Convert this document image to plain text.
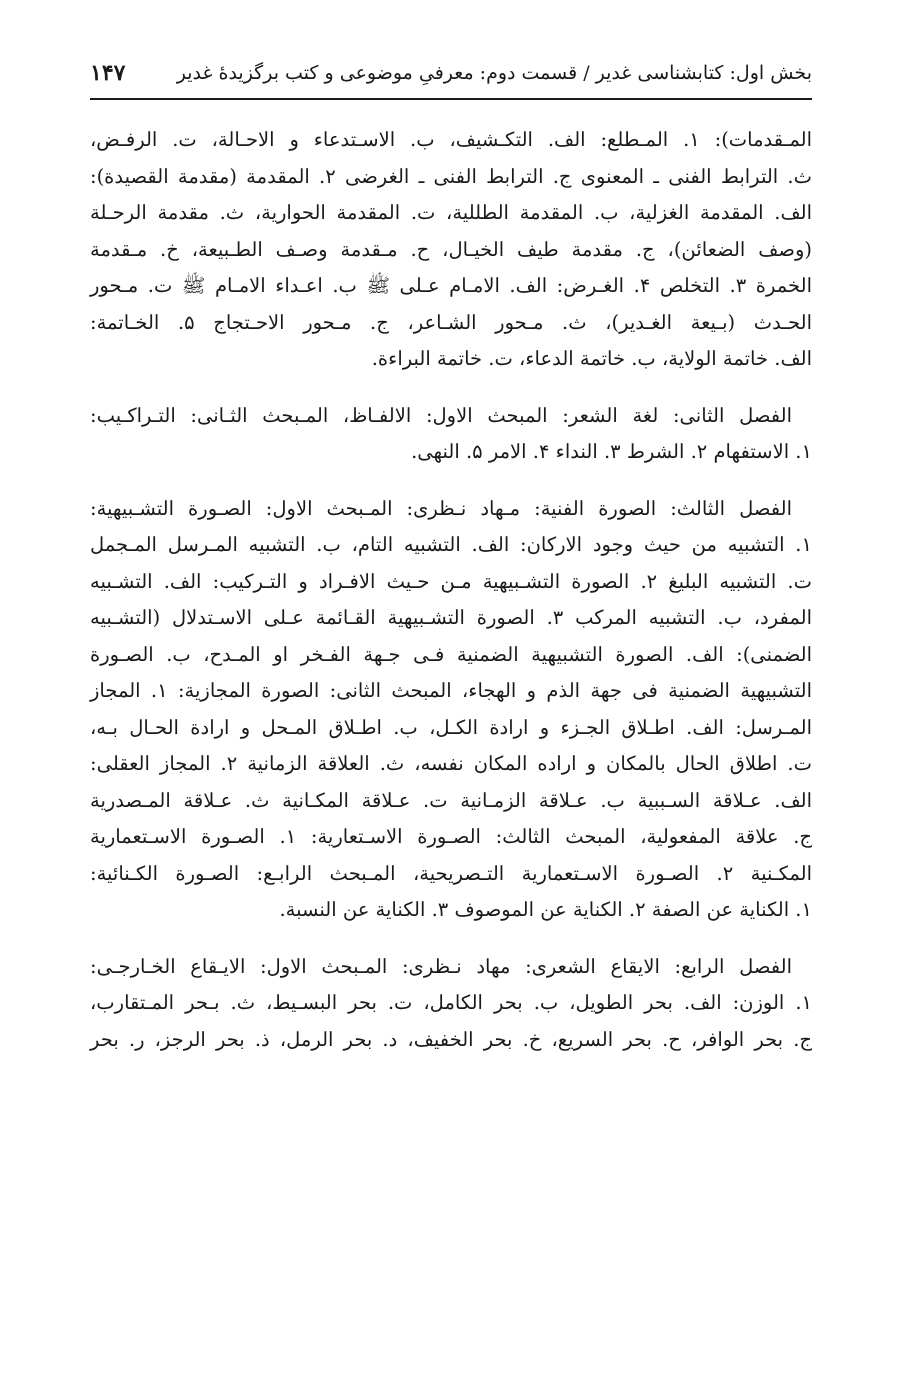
بخش اول: کتابشناسی غدیر / قسمت دوم: معرفیِ موضوعی و کتب برگزیدۀ غدیر
۱۴۷

المـقدمات): ۱. المـطلع: الف. التکـشیف، ب. الاسـتدعاء و الاحـالة، ت. الرفـض،
ث. الترابط الفنی ـ المعنوی ج. الترابط الفنی ـ الغرضی ۲. المقدمة (مقدمة القصیدة):
الف. المقدمة الغزلیة، ب. المقدمة الطللیة، ت. المقدمة الحواریة، ث. مقدمة الرحـلة
(وصف الضعائن)، ج. مقدمة طیف الخیـال، ح. مـقدمة وصـف الطـبیعة، خ. مـقدمة
الخمرة ۳. التخلص ۴. الغـرض: الف. الامـام عـلی ﷺ ب. اعـداء الامـام ﷺ ت. مـحور
الحـدث (بـیعة الغـدیر)، ث. مـحور الشـاعر، ج. مـحور الاحـتجاج ۵. الخـاتمة:
الف. خاتمة الولایة، ب. خاتمة الدعاء، ت. خاتمة البراءة.

الفصل الثانی: لغة الشعر: المبحث الاول: الالفـاظ، المـبحث الثـانی: التـراکـیب:
۱. الاستفهام ۲. الشرط ۳. النداء ۴. الامر ۵. النهی.

الفصل الثالث: الصورة الفنیة: مـهاد نـظری: المـبحث الاول: الصـورة التشـبیهیة:
۱. التشبیه من حیث وجود الارکان: الف. التشبیه التام، ب. التشبیه المـرسل المـجمل
ت. التشبیه البلیغ ۲. الصورة التشـبیهیة مـن حـیث الافـراد و التـرکیب: الف. التشـبیه
المفرد، ب. التشبیه المرکب ۳. الصورة التشـبیهیة القـائمة عـلی الاسـتدلال (التشـبیه
الضمنی): الف. الصورة التشبیهیة الضمنیة فـی جـهة الفـخر او المـدح، ب. الصـورة
التشبیهیة الضمنیة فی جهة الذم و الهجاء، المبحث الثانی: الصورة المجازیة: ۱. المجاز
المـرسل: الف. اطـلاق الجـزء و ارادة الکـل، ب. اطـلاق المـحل و ارادة الحـال بـه،
ت. اطلاق الحال بالمکان و اراده المکان نفسه، ث. العلاقة الزمانیة ۲. المجاز العقلی:
الف. عـلاقة السـببیة ب. عـلاقة الزمـانیة ت. عـلاقة المکـانیة ث. عـلاقة المـصدریة
ج. علاقة المفعولیة، المبحث الثالث: الصـورة الاسـتعاریة: ۱. الصـورة الاسـتعماریة
المکـنیة ۲. الصـورة الاسـتعماریة التـصریحیة، المـبحث الرابـع: الصـورة الکـنائیة:
۱. الکنایة عن الصفة ۲. الکنایة عن الموصوف ۳. الکنایة عن النسبة.

الفصل الرابع: الایقاع الشعری: مهاد نـظری: المـبحث الاول: الایـقاع الخـارجـی:
۱. الوزن: الف. بحر الطویل، ب. بحر الکامل، ت. بحر البسـیط، ث. بـحر المـتقارب،
ج. بحر الوافر، ح. بحر السریع، خ. بحر الخفیف، د. بحر الرمل، ذ. بحر الرجز، ر. بحر
